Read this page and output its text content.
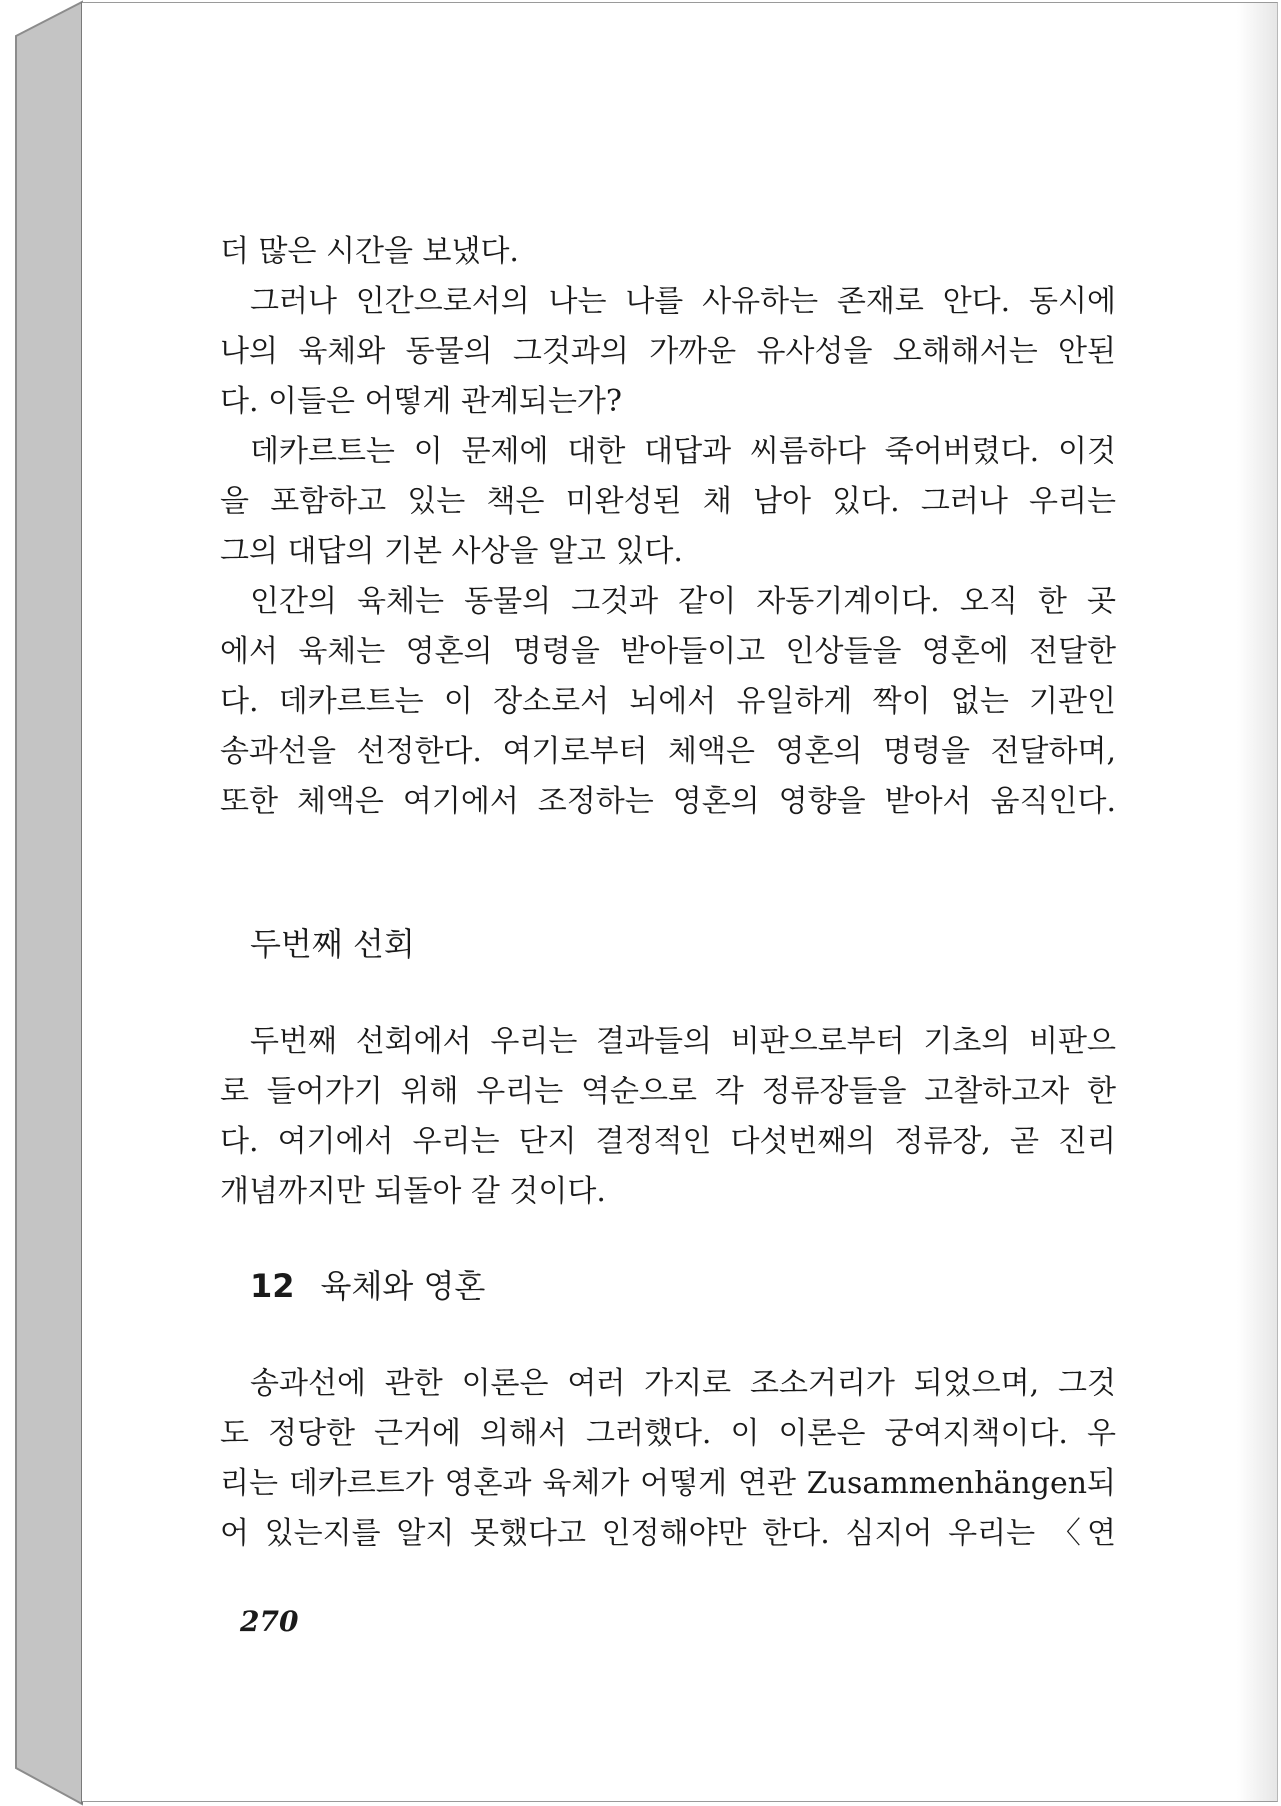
더 많은 시간을 보냈다.
그러나 인간으로서의 나는 나를 사유하는 존재로 안다. 동시에
나의 육체와 동물의 그것과의 가까운 유사성을 오해해서는 안된
다. 이들은 어떻게 관계되는가?
데카르트는 이 문제에 대한 대답과 씨름하다 죽어버렸다. 이것
을 포함하고 있는 책은 미완성된 채 남아 있다. 그러나 우리는
그의 대답의 기본 사상을 알고 있다.
인간의 육체는 동물의 그것과 같이 자동기계이다. 오직 한 곳
에서 육체는 영혼의 명령을 받아들이고 인상들을 영혼에 전달한
다. 데카르트는 이 장소로서 뇌에서 유일하게 짝이 없는 기관인
송과선을 선정한다. 여기로부터 체액은 영혼의 명령을 전달하며,
또한 체액은 여기에서 조정하는 영혼의 영향을 받아서 움직인다.
두번째 선회
두번째 선회에서 우리는 결과들의 비판으로부터 기초의 비판으
로 들어가기 위해 우리는 역순으로 각 정류장들을 고찰하고자 한
다. 여기에서 우리는 단지 결정적인 다섯번째의 정류장, 곧 진리
개념까지만 되돌아 갈 것이다.
12 육체와 영혼
송과선에 관한 이론은 여러 가지로 조소거리가 되었으며, 그것
도 정당한 근거에 의해서 그러했다. 이 이론은 궁여지책이다. 우
리는 데카르트가 영혼과 육체가 어떻게 연관 Zusammenhängen되
어 있는지를 알지 못했다고 인정해야만 한다. 심지어 우리는 〈연
270
